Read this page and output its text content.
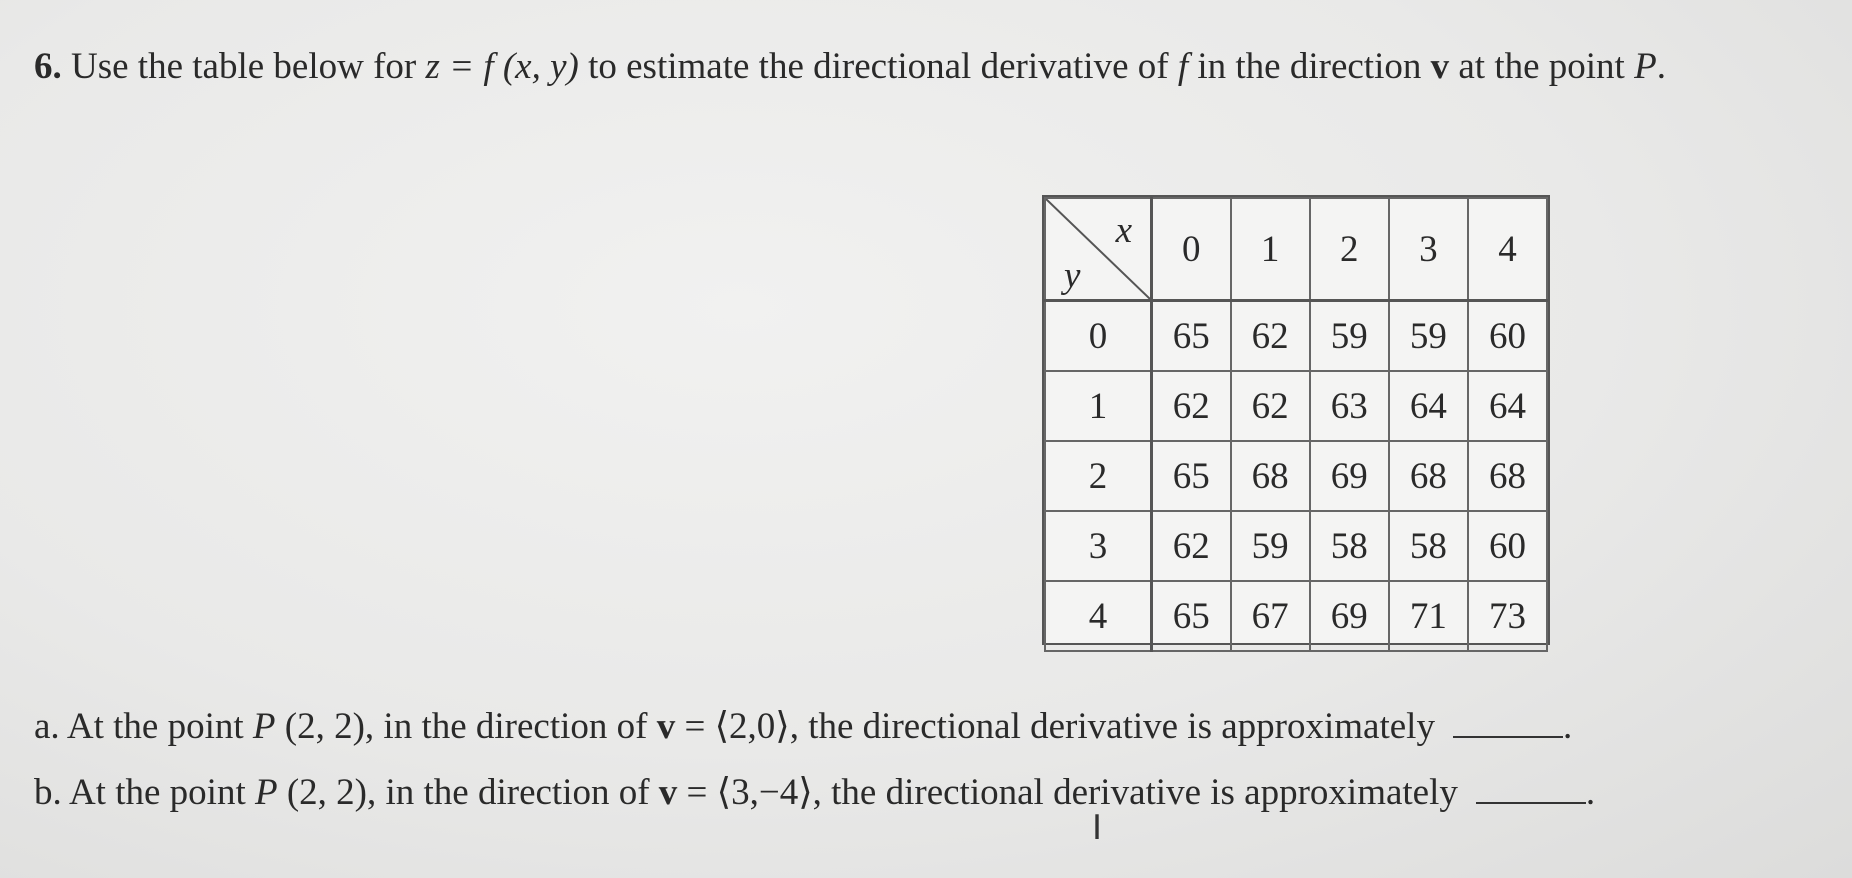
6. Use the table below for z = f (x, y) to estimate the directional derivative of f in the direction v at the point P.
x
y	0	1	2	3	4
0	65	62	59	59	60
1	62	62	63	64	64
2	65	68	69	68	68
3	62	59	58	58	60
4	65	67	69	71	73
a. At the point P (2, 2), in the direction of v = ⟨2,0⟩, the directional derivative is approximately	.
b. At the point P (2, 2), in the direction of v = ⟨3,−4⟩, the directional derivative is approximately	.
I
